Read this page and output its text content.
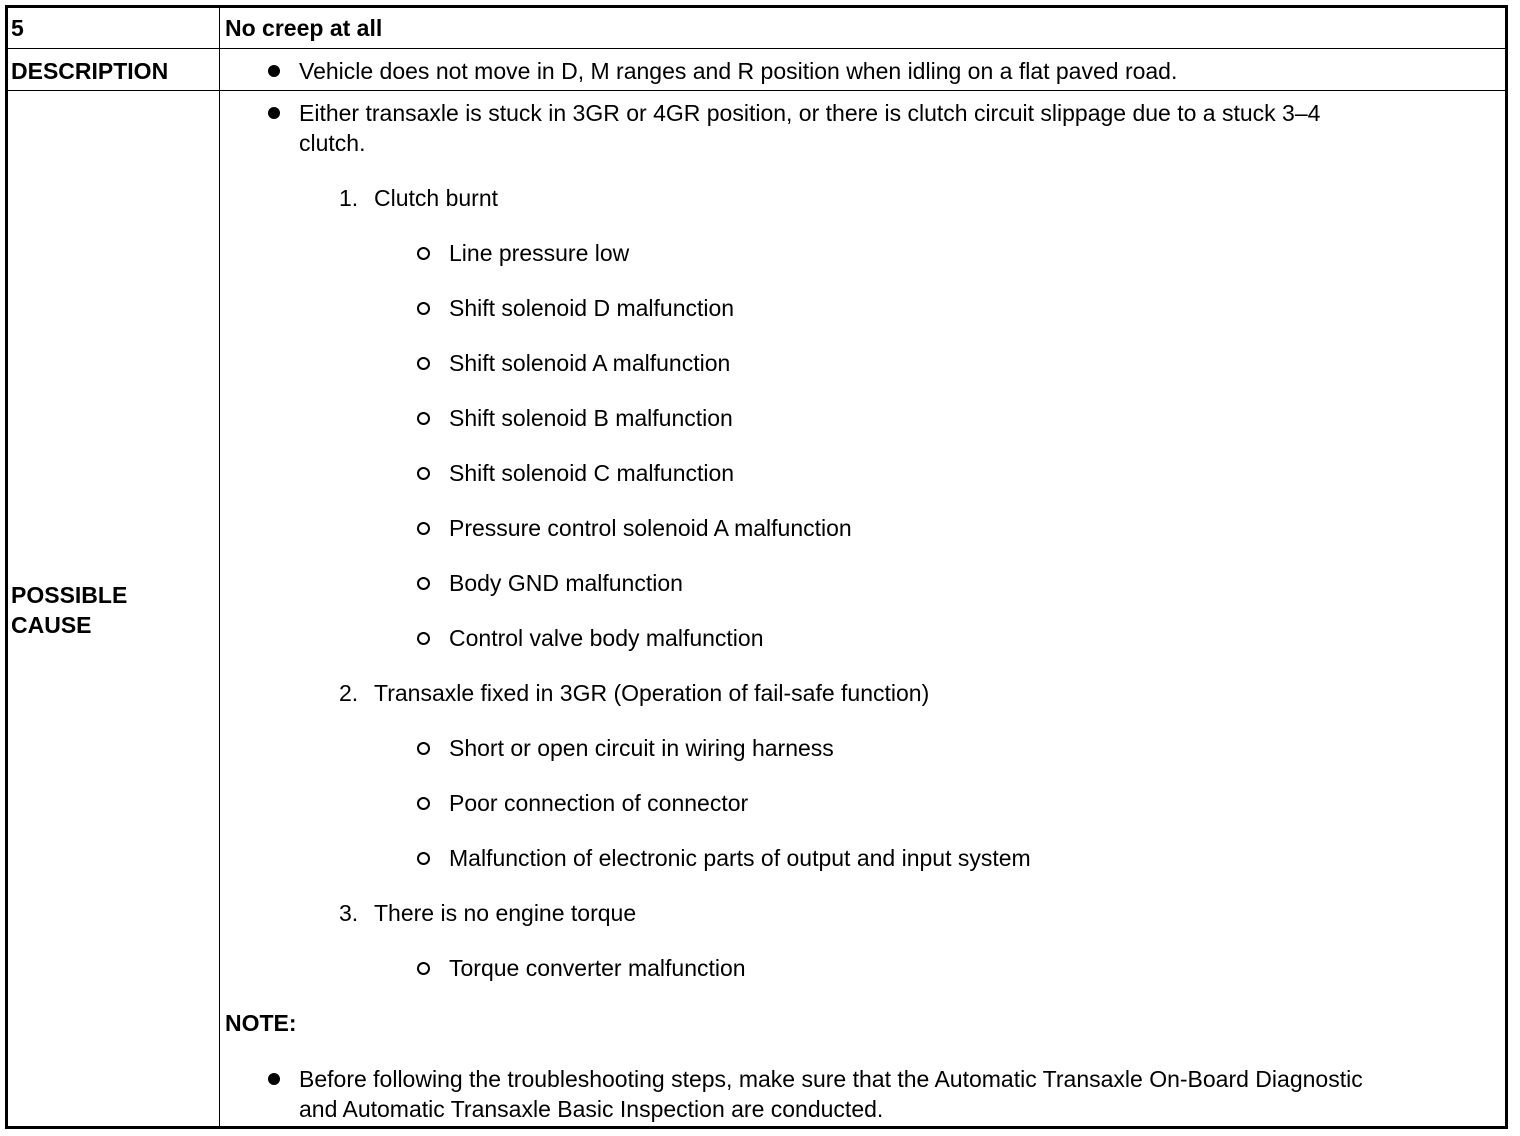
5	No creep at all
DESCRIPTION	Vehicle does not move in D, M ranges and R position when idling on a flat paved road.
POSSIBLE
CAUSE
Either transaxle is stuck in 3GR or 4GR position, or there is clutch circuit slippage due to a stuck 3–4
clutch.
1. Clutch burnt
Line pressure low
Shift solenoid D malfunction
Shift solenoid A malfunction
Shift solenoid B malfunction
Shift solenoid C malfunction
Pressure control solenoid A malfunction
Body GND malfunction
Control valve body malfunction
2. Transaxle fixed in 3GR (Operation of fail-safe function)
Short or open circuit in wiring harness
Poor connection of connector
Malfunction of electronic parts of output and input system
3. There is no engine torque
Torque converter malfunction
NOTE:
Before following the troubleshooting steps, make sure that the Automatic Transaxle On-Board Diagnostic
and Automatic Transaxle Basic Inspection are conducted.
